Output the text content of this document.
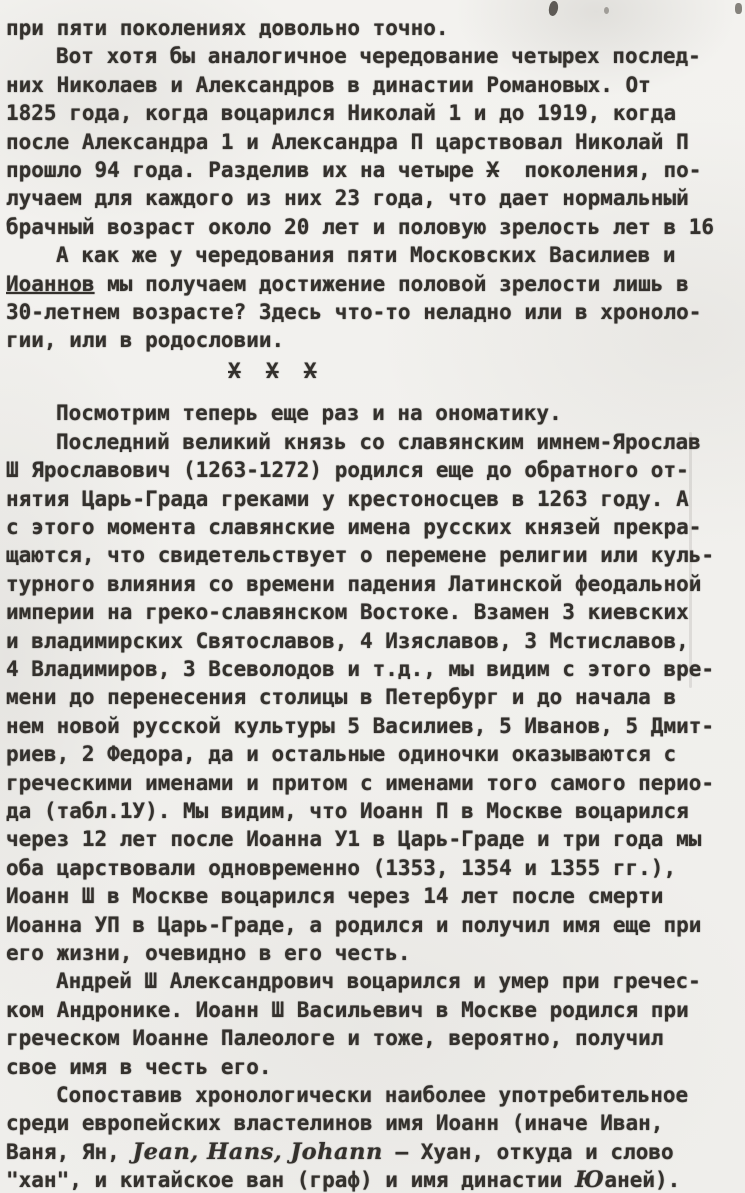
при пяти поколениях довольно точно.
Вот хотя бы аналогичное чередование четырех послед-
них Николаев и Александров в династии Романовых. От
1825 года, когда воцарился Николай 1 и до 1919, когда
после Александра 1 и Александра П царствовал Николай П
прошло 94 года. Разделив их на четыре Х  поколения, по-
лучаем для каждого из них 23 года, что дает нормальный
брачный возраст около 20 лет и половую зрелость лет в 16
А как же у чередования пяти Московских Василиев и
Иоаннов мы получаем достижение половой зрелости лишь в
30-летнем возрасте? Здесь что-то неладно или в хроноло-
гии, или в родословии.
Х Х Х
Посмотрим теперь еще раз и на ономатику.
Последний великий князь со славянским имнем-Ярослав
Ш Ярославович (1263-1272) родился еще до обратного от-
нятия Царь-Града греками у крестоносцев в 1263 году. А
с этого момента славянские имена русских князей прекра-
щаются, что свидетельствует о перемене религии или куль-
турного влияния со времени падения Латинской феодальной
империи на греко-славянском Востоке. Взамен 3 киевских
и владимирских Святославов, 4 Изяславов, 3 Мстиславов,
4 Владимиров, 3 Всеволодов и т.д., мы видим с этого вре-
мени до перенесения столицы в Петербург и до начала в
нем новой русской культуры 5 Василиев, 5 Иванов, 5 Дмит-
риев, 2 Федора, да и остальные одиночки оказываются с
греческими именами и притом с именами того самого перио-
да (табл.1У). Мы видим, что Иоанн П в Москве воцарился
через 12 лет после Иоанна У1 в Царь-Граде и три года мы
оба царствовали одновременно (1353, 1354 и 1355 гг.),
Иоанн Ш в Москве воцарился через 14 лет после смерти
Иоанна УП в Царь-Граде, а родился и получил имя еще при
его жизни, очевидно в его честь.
Андрей Ш Александрович воцарился и умер при гречес-
ком Андронике. Иоанн Ш Васильевич в Москве родился при
греческом Иоанне Палеологе и тоже, вероятно, получил
свое имя в честь его.
Сопоставив хронологически наиболее употребительное
среди европейских властелинов имя Иоанн (иначе Иван,
Ваня, Ян, Jean, Hans, Johann — Хуан, откуда и слово
"хан", и китайское ван (граф) и имя династии Юаней).
